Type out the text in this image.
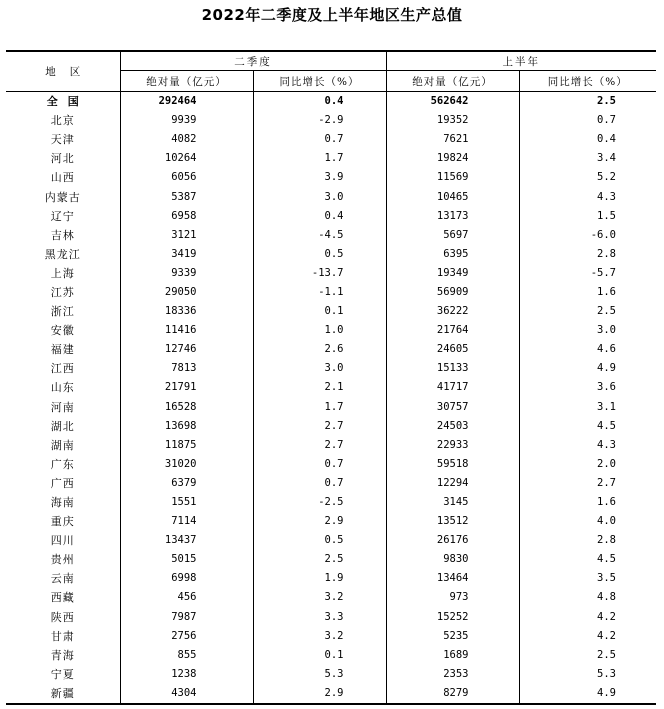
2022年二季度及上半年地区生产总值
地区	二季度		上半年	
	绝对量（亿元）	同比增长（%）	绝对量（亿元）	同比增长（%）
全国	292464	0.4	562642	2.5
北京	9939	-2.9	19352	0.7
天津	4082	0.7	7621	0.4
河北	10264	1.7	19824	3.4
山西	6056	3.9	11569	5.2
内蒙古	5387	3.0	10465	4.3
辽宁	6958	0.4	13173	1.5
吉林	3121	-4.5	5697	-6.0
黑龙江	3419	0.5	6395	2.8
上海	9339	-13.7	19349	-5.7
江苏	29050	-1.1	56909	1.6
浙江	18336	0.1	36222	2.5
安徽	11416	1.0	21764	3.0
福建	12746	2.6	24605	4.6
江西	7813	3.0	15133	4.9
山东	21791	2.1	41717	3.6
河南	16528	1.7	30757	3.1
湖北	13698	2.7	24503	4.5
湖南	11875	2.7	22933	4.3
广东	31020	0.7	59518	2.0
广西	6379	0.7	12294	2.7
海南	1551	-2.5	3145	1.6
重庆	7114	2.9	13512	4.0
四川	13437	0.5	26176	2.8
贵州	5015	2.5	9830	4.5
云南	6998	1.9	13464	3.5
西藏	456	3.2	973	4.8
陕西	7987	3.3	15252	4.2
甘肃	2756	3.2	5235	4.2
青海	855	0.1	1689	2.5
宁夏	1238	5.3	2353	5.3
新疆	4304	2.9	8279	4.9
